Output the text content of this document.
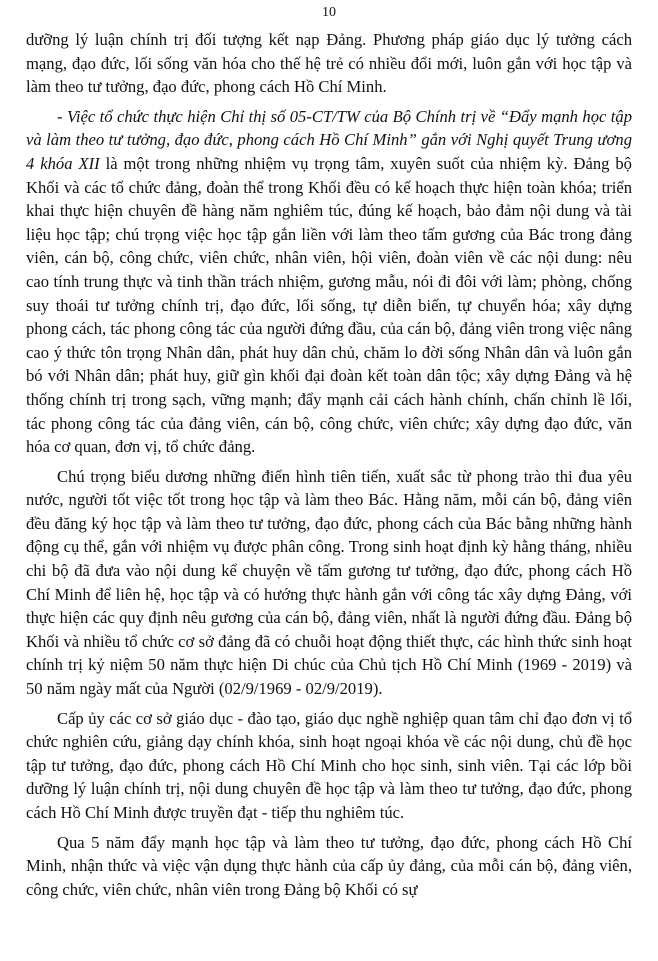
10

dưỡng lý luận chính trị đối tượng kết nạp Đảng. Phương pháp giáo dục lý tưởng cách mạng, đạo đức, lối sống văn hóa cho thế hệ trẻ có nhiều đổi mới, luôn gắn với học tập và làm theo tư tưởng, đạo đức, phong cách Hồ Chí Minh.

- Việc tổ chức thực hiện Chỉ thị số 05-CT/TW của Bộ Chính trị về “Đẩy mạnh học tập và làm theo tư tưởng, đạo đức, phong cách Hồ Chí Minh” gắn với Nghị quyết Trung ương 4 khóa XII là một trong những nhiệm vụ trọng tâm, xuyên suốt của nhiệm kỳ. Đảng bộ Khối và các tổ chức đảng, đoàn thể trong Khối đều có kế hoạch thực hiện toàn khóa; triển khai thực hiện chuyên đề hàng năm nghiêm túc, đúng kế hoạch, bảo đảm nội dung và tài liệu học tập; chú trọng việc học tập gắn liền với làm theo tấm gương của Bác trong đảng viên, cán bộ, công chức, viên chức, nhân viên, hội viên, đoàn viên về các nội dung: nêu cao tính trung thực và tinh thần trách nhiệm, gương mẫu, nói đi đôi với làm; phòng, chống suy thoái tư tưởng chính trị, đạo đức, lối sống, tự diễn biến, tự chuyển hóa; xây dựng phong cách, tác phong công tác của người đứng đầu, của cán bộ, đảng viên trong việc nâng cao ý thức tôn trọng Nhân dân, phát huy dân chủ, chăm lo đời sống Nhân dân và luôn gắn bó với Nhân dân; phát huy, giữ gìn khối đại đoàn kết toàn dân tộc; xây dựng Đảng và hệ thống chính trị trong sạch, vững mạnh; đẩy mạnh cải cách hành chính, chấn chỉnh lề lối, tác phong công tác của đảng viên, cán bộ, công chức, viên chức; xây dựng đạo đức, văn hóa cơ quan, đơn vị, tổ chức đảng.

Chú trọng biểu dương những điển hình tiên tiến, xuất sắc từ phong trào thi đua yêu nước, người tốt việc tốt trong học tập và làm theo Bác. Hằng năm, mỗi cán bộ, đảng viên đều đăng ký học tập và làm theo tư tưởng, đạo đức, phong cách của Bác bằng những hành động cụ thể, gắn với nhiệm vụ được phân công. Trong sinh hoạt định kỳ hằng tháng, nhiều chi bộ đã đưa vào nội dung kể chuyện về tấm gương tư tưởng, đạo đức, phong cách Hồ Chí Minh để liên hệ, học tập và có hướng thực hành gắn với công tác xây dựng Đảng, với thực hiện các quy định nêu gương của cán bộ, đảng viên, nhất là người đứng đầu. Đảng bộ Khối và nhiều tổ chức cơ sở đảng đã có chuỗi hoạt động thiết thực, các hình thức sinh hoạt chính trị kỷ niệm 50 năm thực hiện Di chúc của Chủ tịch Hồ Chí Minh (1969 - 2019) và 50 năm ngày mất của Người (02/9/1969 - 02/9/2019).

Cấp ủy các cơ sở giáo dục - đào tạo, giáo dục nghề nghiệp quan tâm chỉ đạo đơn vị tổ chức nghiên cứu, giảng dạy chính khóa, sinh hoạt ngoại khóa về các nội dung, chủ đề học tập tư tưởng, đạo đức, phong cách Hồ Chí Minh cho học sinh, sinh viên. Tại các lớp bồi dưỡng lý luận chính trị, nội dung chuyên đề học tập và làm theo tư tưởng, đạo đức, phong cách Hồ Chí Minh được truyền đạt - tiếp thu nghiêm túc.

Qua 5 năm đẩy mạnh học tập và làm theo tư tưởng, đạo đức, phong cách Hồ Chí Minh, nhận thức và việc vận dụng thực hành của cấp ủy đảng, của mỗi cán bộ, đảng viên, công chức, viên chức, nhân viên trong Đảng bộ Khối có sự
